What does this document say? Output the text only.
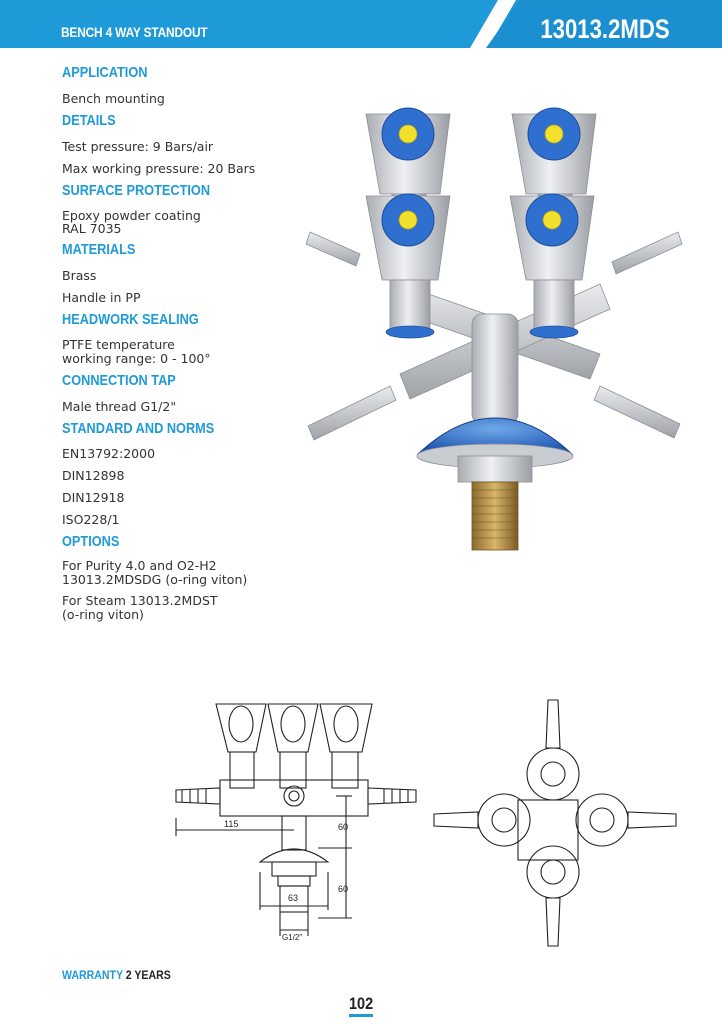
BENCH 4 WAY STANDOUT	13013.2MDS
APPLICATION
Bench mounting
DETAILS
Test pressure: 9 Bars/air
Max working pressure: 20 Bars
SURFACE PROTECTION
Epoxy powder coating
RAL 7035
MATERIALS
Brass
Handle in PP
HEADWORK SEALING
PTFE temperature
working range: 0 - 100°
CONNECTION TAP
Male thread G1/2"
STANDARD AND NORMS
EN13792:2000
DIN12898
DIN12918
ISO228/1
OPTIONS
For Purity 4.0 and O2-H2
13013.2MDSDG (o-ring viton)
For Steam 13013.2MDST
(o-ring viton)
115	60
60
63
G1/2"
WARRANTY 2 YEARS
102
